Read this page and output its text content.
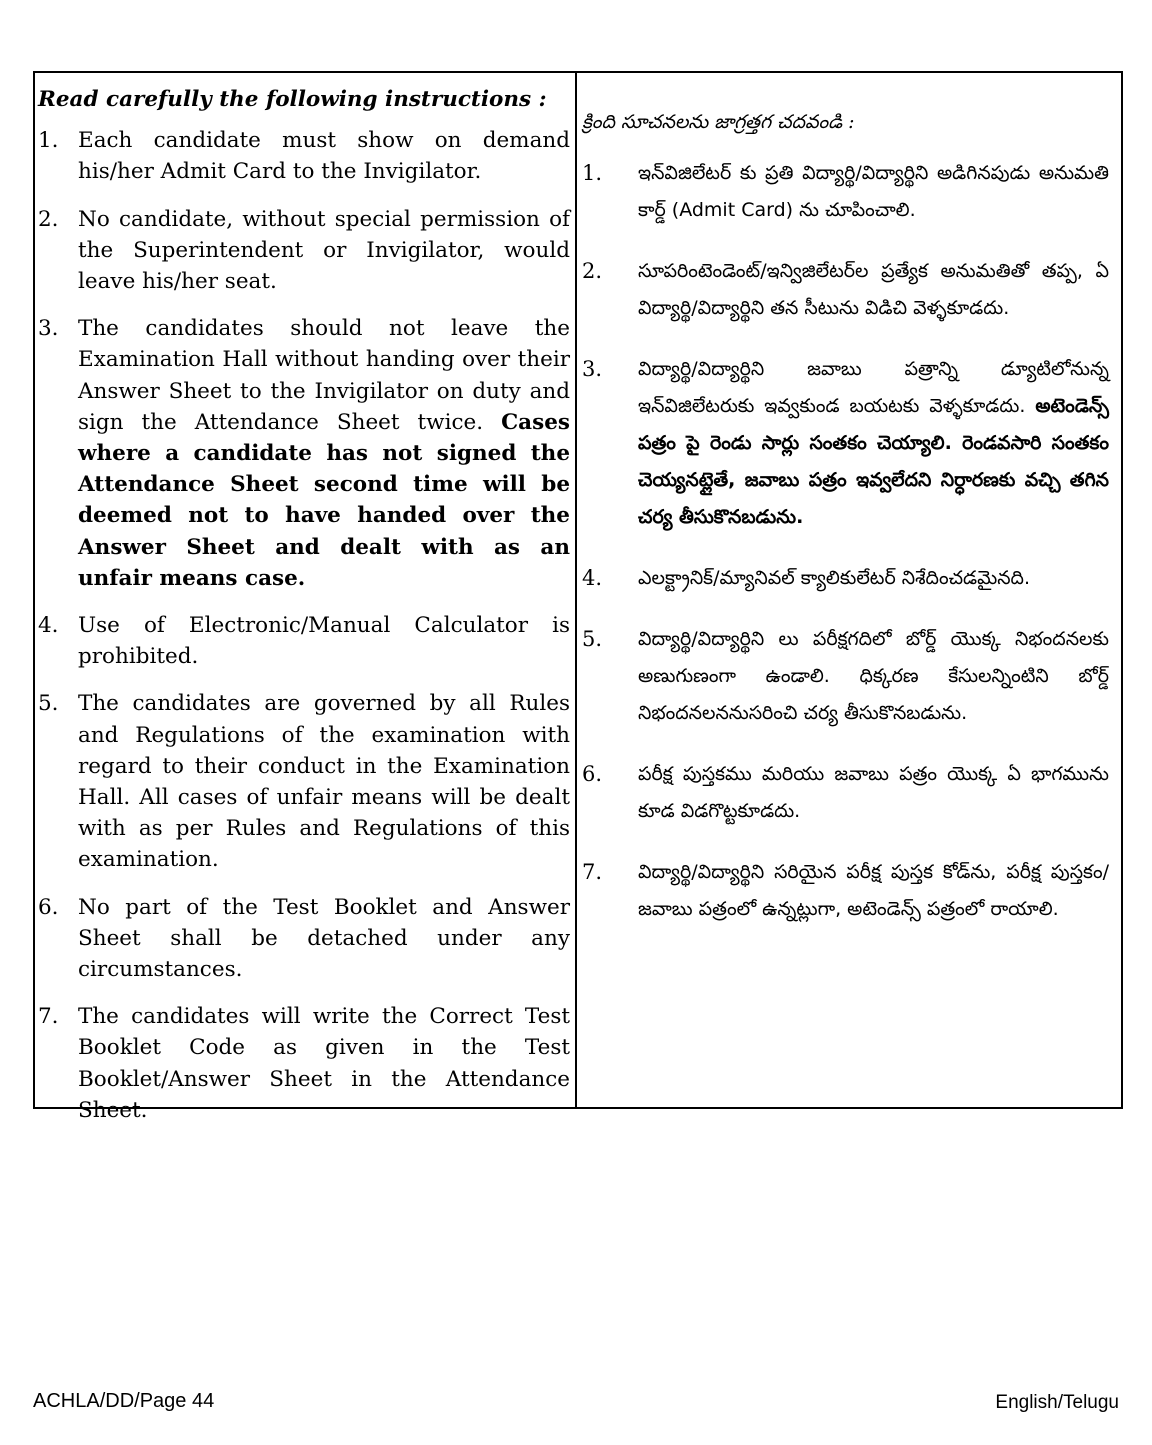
Read carefully the following instructions :
1. Each candidate must show on demand his/her Admit Card to the Invigilator.
2. No candidate, without special permission of the Superintendent or Invigilator, would leave his/her seat.
3. The candidates should not leave the Examination Hall without handing over their Answer Sheet to the Invigilator on duty and sign the Attendance Sheet twice. Cases where a candidate has not signed the Attendance Sheet second time will be deemed not to have handed over the Answer Sheet and dealt with as an unfair means case.
4. Use of Electronic/Manual Calculator is prohibited.
5. The candidates are governed by all Rules and Regulations of the examination with regard to their conduct in the Examination Hall. All cases of unfair means will be dealt with as per Rules and Regulations of this examination.
6. No part of the Test Booklet and Answer Sheet shall be detached under any circumstances.
7. The candidates will write the Correct Test Booklet Code as given in the Test Booklet/Answer Sheet in the Attendance Sheet.
క్రింది సూచనలను జాగ్రత్తగ చదవండి :
1.	ఇన్‌విజిలేటర్ కు ప్రతి విద్యార్థి/విద్యార్థిని అడిగినపుడు అనుమతి కార్డ్ (Admit Card) ను చూపించాలి.
2.	సూపరింటెండెంట్/ఇన్విజిలేటర్‌ల ప్రత్యేక అనుమతితో తప్ప, ఏ విద్యార్థి/విద్యార్థిని తన సీటును విడిచి వెళ్ళకూడదు.
3.	విద్యార్థి/విద్యార్థిని జవాబు పత్రాన్ని డ్యూటిలోనున్న ఇన్‌విజిలేటరుకు ఇవ్వకుండ బయటకు వెళ్ళకూడదు. అటెండెన్స్ పత్రం పై రెండు సార్లు సంతకం చెయ్యాలి. రెండవసారి సంతకం చెయ్యనట్లైతే, జవాబు పత్రం ఇవ్వలేదని నిర్ధారణకు వచ్చి తగిన చర్య తీసుకొనబడును.
4.	ఎలక్ట్రానిక్/మ్యానివల్ క్యాలికులేటర్ నిశేదించడమైనది.
5.	విద్యార్థి/విద్యార్థిని లు పరీక్షగదిలో బోర్డ్ యొక్క నిభందనలకు అణుగుణంగా ఉండాలి. ధిక్కరణ కేసులన్నింటిని బోర్డ్ నిభందనలననుసరించి చర్య తీసుకొనబడును.
6.	పరీక్ష పుస్తకము మరియు జవాబు పత్రం యొక్క ఏ భాగమును కూడ విడగొట్టకూడదు.
7.	విద్యార్థి/విద్యార్థిని సరియైన పరీక్ష పుస్తక కోడ్‌ను, పరీక్ష పుస్తకం/జవాబు పత్రంలో ఉన్నట్లుగా, అటెండెన్స్ పత్రంలో రాయాలి.
ACHLA/DD/Page 44	English/Telugu
